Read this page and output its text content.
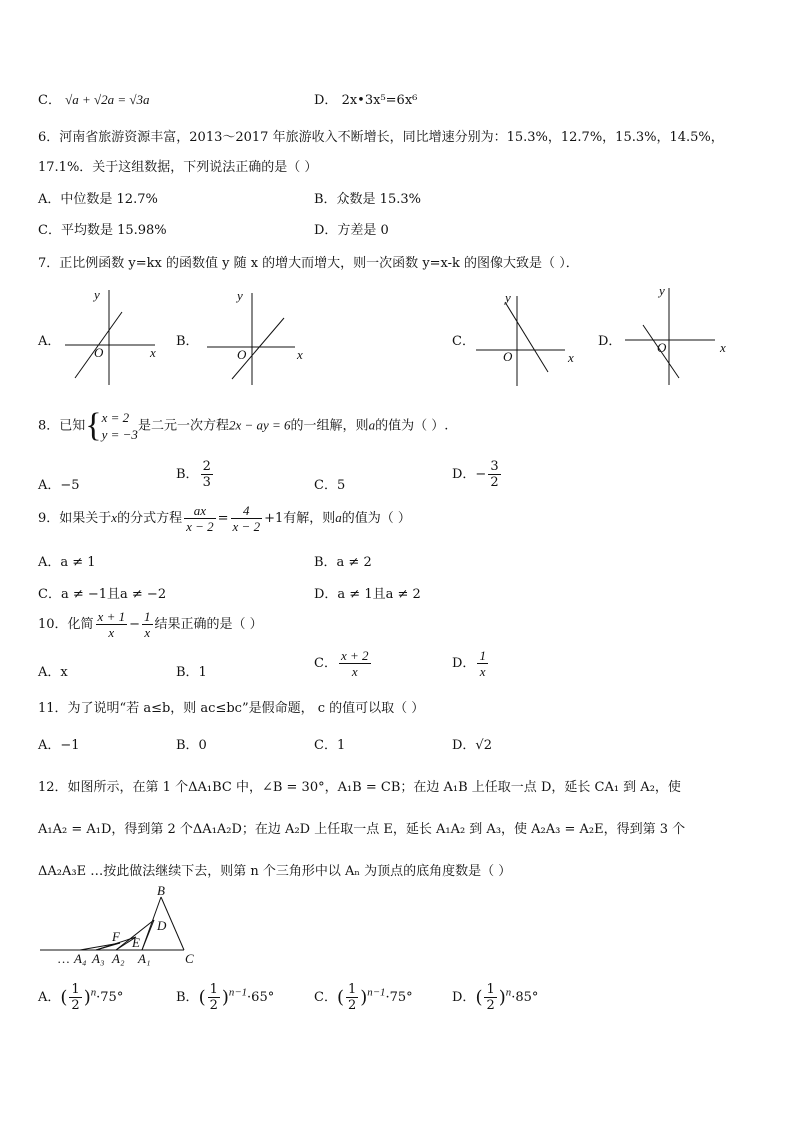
C． √a + √2a = √3a	D． 2x•3x⁵=6x⁶
6．河南省旅游资源丰富，2013～2017 年旅游收入不断增长，同比增速分别为：15.3%，12.7%，15.3%，14.5%，
17.1%．关于这组数据，下列说法正确的是（ ）
A．中位数是 12.7%	B．众数是 15.3%
C．平均数是 15.98%	D．方差是 0
7．正比例函数 y=kx 的函数值 y 随 x 的增大而增大，则一次函数 y=x-k 的图像大致是（ ）．
A．	B．	C．	D．
x
y
O	x
y
O	x
y
O
x
y
O
8．已知{ x = 2
y = −3
是二元一次方程2x − ay = 6的一组解，则a的值为（ ）.
A．−5
B． $\frac{2}{3}$	C．5
D．− $\frac{3}{2}$
9．如果关于x的分式方程 $\frac{ax}{x - 2} = \frac{4}{x - 2} +1$有解，则a的值为（ ）
A．a ≠ 1	B．a ≠ 2
C．a ≠ −1且a ≠ −2	D．a ≠ 1且a ≠ 2
10．化简 $\frac{x + 1}{x} - \frac{1}{x}$ 结果正确的是（ ）
A．x	B．1
C． $\frac{x + 2}{x}$	D． $\frac{1}{x}$
11．为了说明“若 a≤b，则 ac≤bc”是假命题， c 的值可以取（ ）
A．−1	B．0	C．1	D．√2
12．如图所示，在第 1 个ΔA₁BC 中，∠B = 30°，A₁B = CB；在边 A₁B 上任取一点 D，延长 CA₁ 到 A₂，使
A₁A₂ = A₁D，得到第 2 个ΔA₁A₂D；在边 A₂D 上任取一点 E，延长 A₁A₂ 到 A₃，使 A₂A₃ = A₂E，得到第 3 个
ΔA₂A₃E …按此做法继续下去，则第 n 个三角形中以 Aₙ 为顶点的底角度数是（ ）
B
D
F E
C
… A₄ A₃ A₂ A₁
A．( $\frac{1}{2} )^n\cdot 75^\circ$	B．( $\frac{1}{2} )^{n-1}\cdot 65^\circ$	C．( $\frac{1}{2} )^{n-1}\cdot 75^\circ$	D．( $\frac{1}{2} )^n\cdot 85^\circ$
